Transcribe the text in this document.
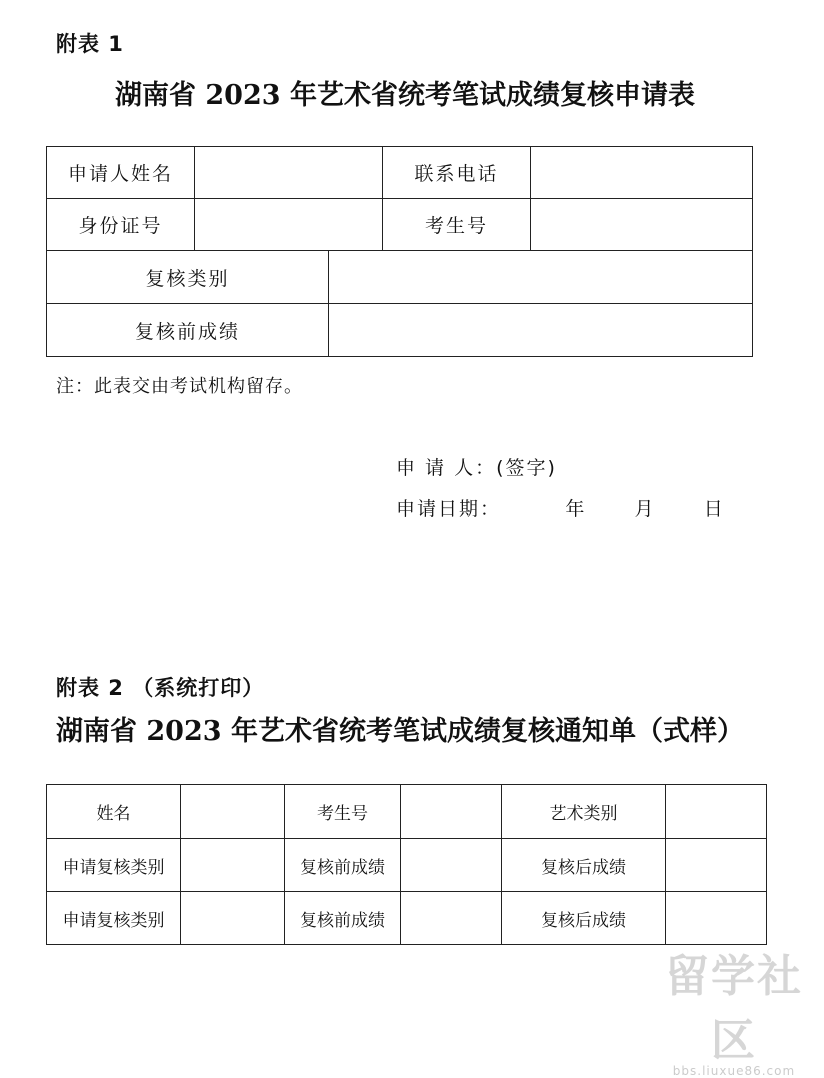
附表 1
湖南省 2023 年艺术省统考笔试成绩复核申请表
申请人姓名			联系电话	
身份证号			考生号	
复核类别				
复核前成绩				
注：此表交由考试机构留存。
申 请 人：(签字)
申请日期：        年      月      日
附表 2 （系统打印）
湖南省 2023 年艺术省统考笔试成绩复核通知单（式样）
姓名		考生号		艺术类别	
申请复核类别		复核前成绩		复核后成绩	
申请复核类别		复核前成绩		复核后成绩	
留学社区
bbs.liuxue86.com
